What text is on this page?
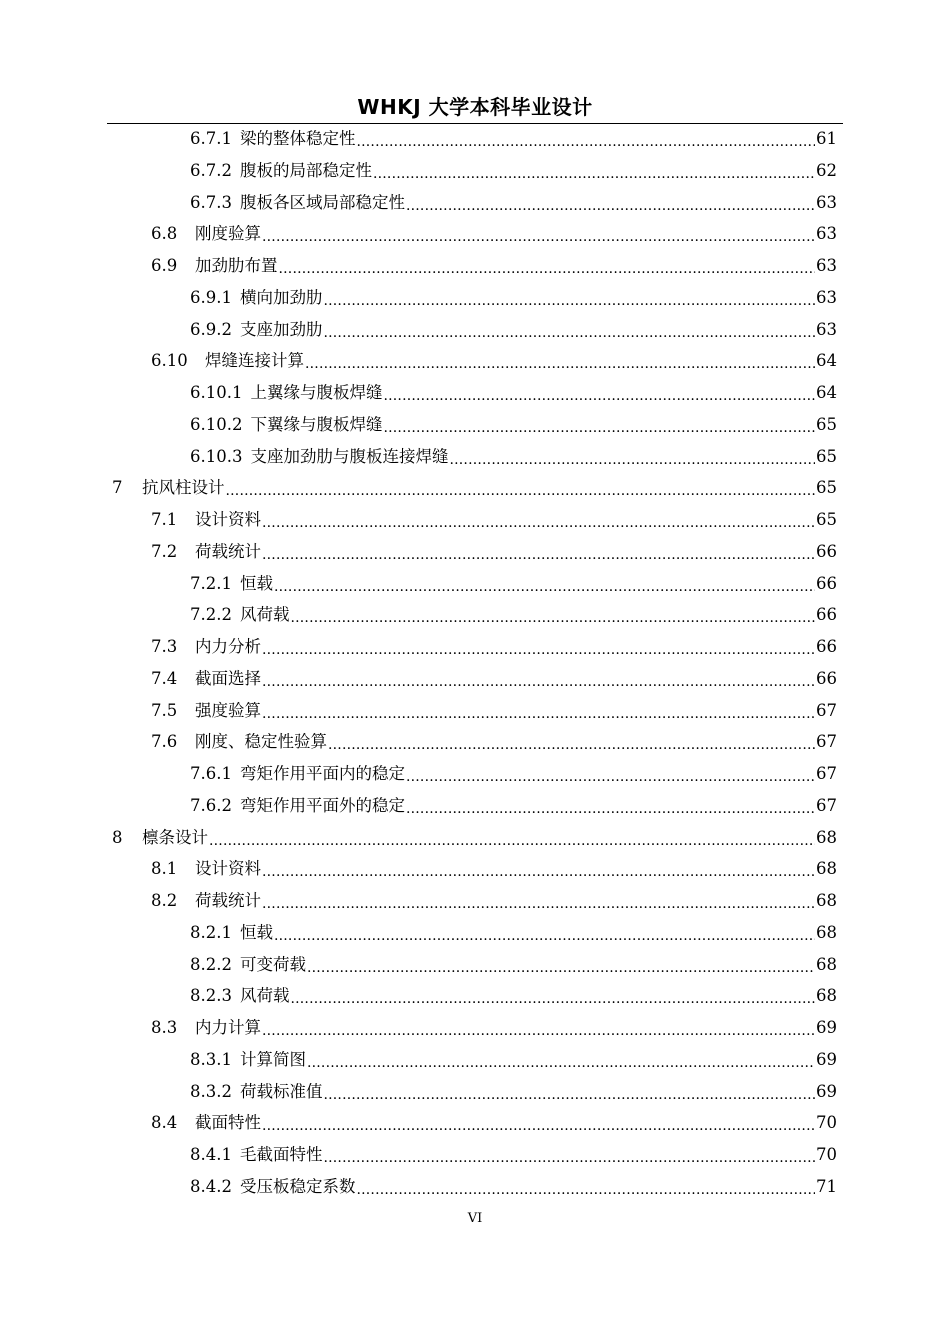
WHKJ 大学本科毕业设计
6.7.1 梁的整体稳定性 .....	61
6.7.2 腹板的局部稳定性 .....	62
6.7.3 腹板各区域局部稳定性 .....	63
6.8	刚度验算 .....	63
6.9	加劲肋布置 .....	63
6.9.1 横向加劲肋 .....	63
6.9.2 支座加劲肋 .....	63
6.10	焊缝连接计算 .....	64
6.10.1 上翼缘与腹板焊缝 .....	64
6.10.2 下翼缘与腹板焊缝 .....	65
6.10.3 支座加劲肋与腹板连接焊缝 .....	65
7	抗风柱设计 .....	65
7.1	设计资料 .....	65
7.2	荷载统计 .....	66
7.2.1 恒载 .....	66
7.2.2 风荷载 .....	66
7.3	内力分析 .....	66
7.4	截面选择 .....	66
7.5	强度验算 .....	67
7.6	刚度、稳定性验算 .....	67
7.6.1 弯矩作用平面内的稳定 .....	67
7.6.2 弯矩作用平面外的稳定 .....	67
8	檩条设计 .....	68
8.1	设计资料 .....	68
8.2	荷载统计 .....	68
8.2.1 恒载 .....	68
8.2.2 可变荷载 .....	68
8.2.3 风荷载 .....	68
8.3	内力计算 .....	69
8.3.1 计算简图 .....	69
8.3.2 荷载标准值 .....	69
8.4	截面特性 .....	70
8.4.1 毛截面特性 .....	70
8.4.2 受压板稳定系数 .....	71
VI
